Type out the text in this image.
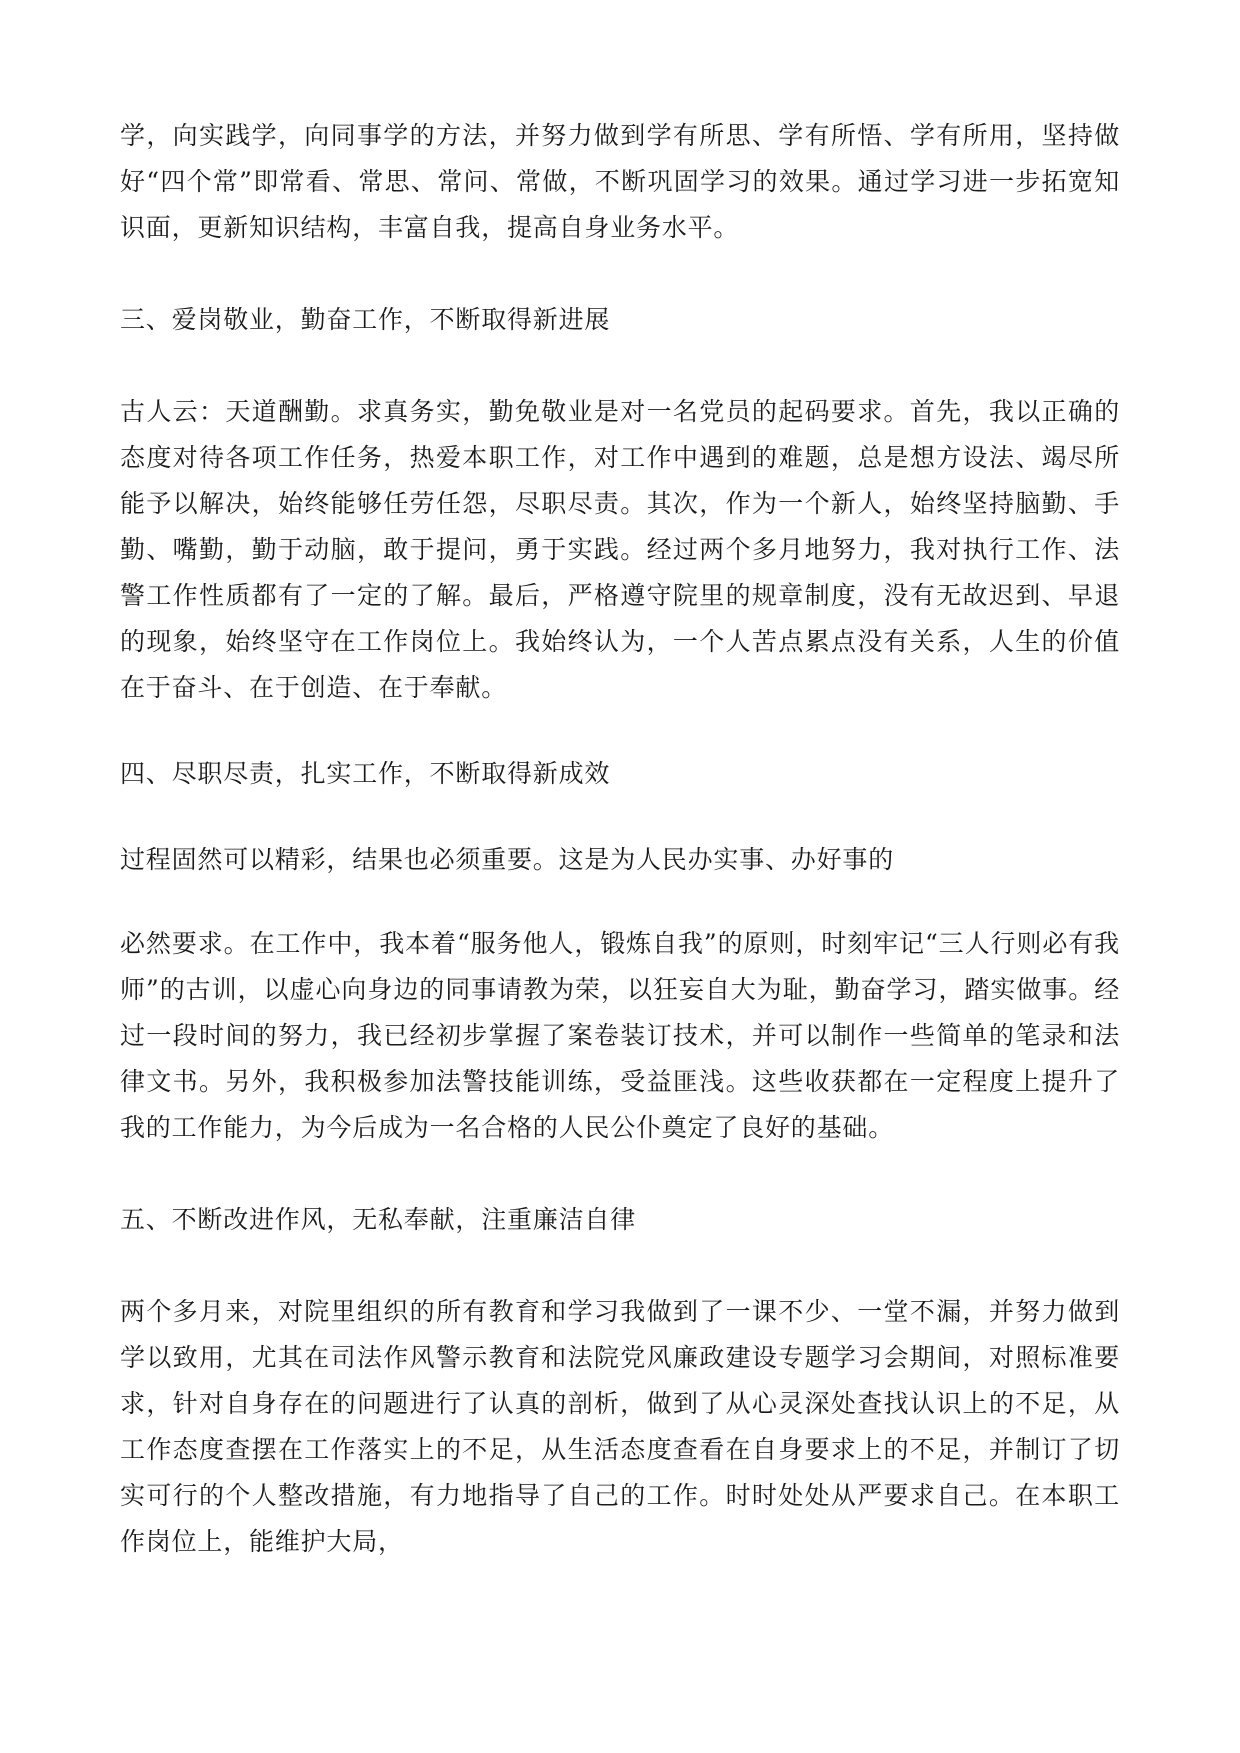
学，向实践学，向同事学的方法，并努力做到学有所思、学有所悟、学有所用，坚持做好“四个常”即常看、常思、常问、常做，不断巩固学习的效果。通过学习进一步拓宽知识面，更新知识结构，丰富自我，提高自身业务水平。

三、爱岗敬业，勤奋工作，不断取得新进展

古人云：天道酬勤。求真务实，勤免敬业是对一名党员的起码要求。首先，我以正确的态度对待各项工作任务，热爱本职工作，对工作中遇到的难题，总是想方设法、竭尽所能予以解决，始终能够任劳任怨，尽职尽责。其次，作为一个新人，始终坚持脑勤、手勤、嘴勤，勤于动脑，敢于提问，勇于实践。经过两个多月地努力，我对执行工作、法警工作性质都有了一定的了解。最后，严格遵守院里的规章制度，没有无故迟到、早退的现象，始终坚守在工作岗位上。我始终认为，一个人苦点累点没有关系，人生的价值在于奋斗、在于创造、在于奉献。

四、尽职尽责，扎实工作，不断取得新成效

过程固然可以精彩，结果也必须重要。这是为人民办实事、办好事的

必然要求。在工作中，我本着“服务他人，锻炼自我”的原则，时刻牢记“三人行则必有我师”的古训，以虚心向身边的同事请教为荣，以狂妄自大为耻，勤奋学习，踏实做事。经过一段时间的努力，我已经初步掌握了案卷装订技术，并可以制作一些简单的笔录和法律文书。另外，我积极参加法警技能训练，受益匪浅。这些收获都在一定程度上提升了我的工作能力，为今后成为一名合格的人民公仆奠定了良好的基础。

五、不断改进作风，无私奉献，注重廉洁自律

两个多月来，对院里组织的所有教育和学习我做到了一课不少、一堂不漏，并努力做到学以致用，尤其在司法作风警示教育和法院党风廉政建设专题学习会期间，对照标准要求，针对自身存在的问题进行了认真的剖析，做到了从心灵深处查找认识上的不足，从工作态度查摆在工作落实上的不足，从生活态度查看在自身要求上的不足，并制订了切实可行的个人整改措施，有力地指导了自己的工作。时时处处从严要求自己。在本职工作岗位上，能维护大局，
